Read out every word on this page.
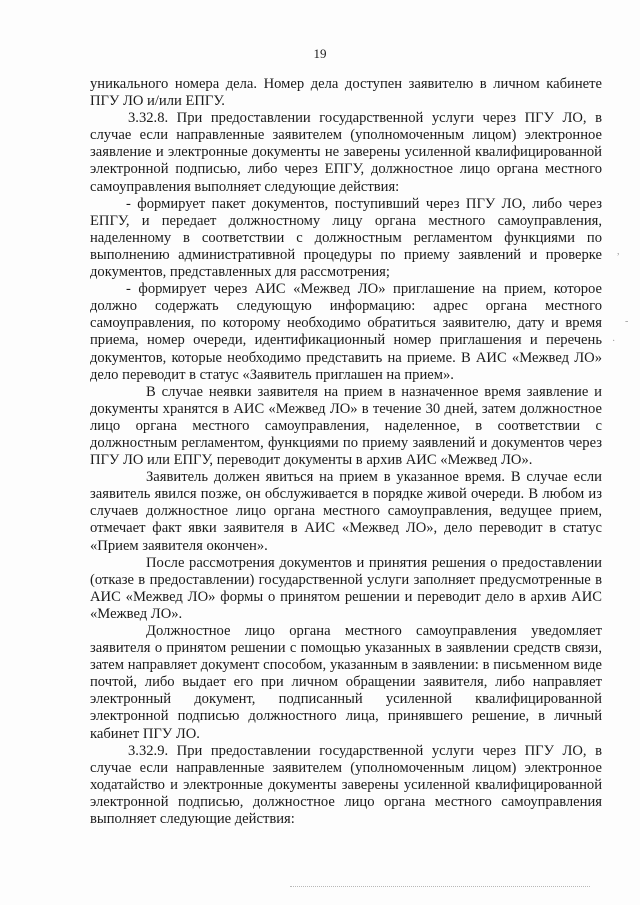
19

уникального номера дела. Номер дела доступен заявителю в личном кабинете ПГУ ЛО и/или ЕПГУ.

3.32.8. При предоставлении государственной услуги через ПГУ ЛО, в случае если направленные заявителем (уполномоченным лицом) электронное заявление и электронные документы не заверены усиленной квалифицированной электронной подписью, либо через ЕПГУ, должностное лицо органа местного самоуправления выполняет следующие действия:

- формирует пакет документов, поступивший через ПГУ ЛО, либо через ЕПГУ, и передает должностному лицу органа местного самоуправления, наделенному в соответствии с должностным регламентом функциями по выполнению административной процедуры по приему заявлений и проверке документов, представленных для рассмотрения;

- формирует через АИС «Межвед ЛО» приглашение на прием, которое должно содержать следующую информацию: адрес органа местного самоуправления, по которому необходимо обратиться заявителю, дату и время приема, номер очереди, идентификационный номер приглашения и перечень документов, которые необходимо представить на приеме. В АИС «Межвед ЛО» дело переводит в статус «Заявитель приглашен на прием».

В случае неявки заявителя на прием в назначенное время заявление и документы хранятся в АИС «Межвед ЛО» в течение 30 дней, затем должностное лицо органа местного самоуправления, наделенное, в соответствии с должностным регламентом, функциями по приему заявлений и документов через ПГУ ЛО или ЕПГУ, переводит документы в архив АИС «Межвед ЛО».

Заявитель должен явиться на прием в указанное время. В случае если заявитель явился позже, он обслуживается в порядке живой очереди. В любом из случаев должностное лицо органа местного самоуправления, ведущее прием, отмечает факт явки заявителя в АИС «Межвед ЛО», дело переводит в статус «Прием заявителя окончен».

После рассмотрения документов и принятия решения о предоставлении (отказе в предоставлении) государственной услуги заполняет предусмотренные в АИС «Межвед ЛО» формы о принятом решении и переводит дело в архив АИС «Межвед ЛО».

Должностное лицо органа местного самоуправления уведомляет заявителя о принятом решении с помощью указанных в заявлении средств связи, затем направляет документ способом, указанным в заявлении: в письменном виде почтой, либо выдает его при личном обращении заявителя, либо направляет электронный документ, подписанный усиленной квалифицированной электронной подписью должностного лица, принявшего решение, в личный кабинет ПГУ ЛО.

3.32.9. При предоставлении государственной услуги через ПГУ ЛО, в случае если направленные заявителем (уполномоченным лицом) электронное ходатайство и электронные документы заверены усиленной квалифицированной электронной подписью, должностное лицо органа местного самоуправления выполняет следующие действия:

,
-
·
